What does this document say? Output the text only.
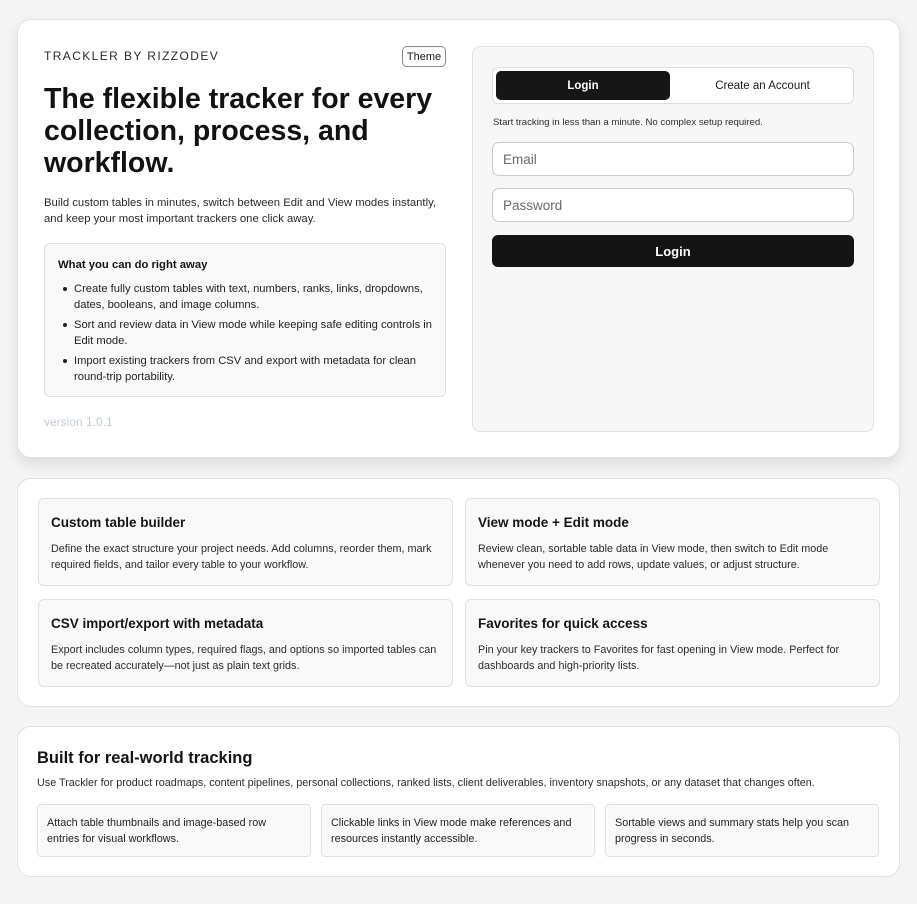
TRACKLER BY RIZZODEV	Theme
The flexible tracker for every collection, process, and workflow.

Build custom tables in minutes, switch between Edit and View modes instantly, and keep your most important trackers one click away.

What you can do right away
Create fully custom tables with text, numbers, ranks, links, dropdowns, dates, booleans, and image columns.
Sort and review data in View mode while keeping safe editing controls in Edit mode.
Import existing trackers from CSV and export with metadata for clean round-trip portability.
version 1.0.1
Login	Create an Account
Start tracking in less than a minute. No complex setup required.
Email
Login
Custom table builder

Define the exact structure your project needs. Add columns, reorder them, mark required fields, and tailor every table to your workflow.

View mode + Edit mode

Review clean, sortable table data in View mode, then switch to Edit mode whenever you need to add rows, update values, or adjust structure.

CSV import/export with metadata

Export includes column types, required flags, and options so imported tables can be recreated accurately—not just as plain text grids.

Favorites for quick access

Pin your key trackers to Favorites for fast opening in View mode. Perfect for dashboards and high-priority lists.

Built for real-world tracking

Use Trackler for product roadmaps, content pipelines, personal collections, ranked lists, client deliverables, inventory snapshots, or any dataset that changes often.

Attach table thumbnails and image-based row entries for visual workflows.
Clickable links in View mode make references and resources instantly accessible.
Sortable views and summary stats help you scan progress in seconds.
